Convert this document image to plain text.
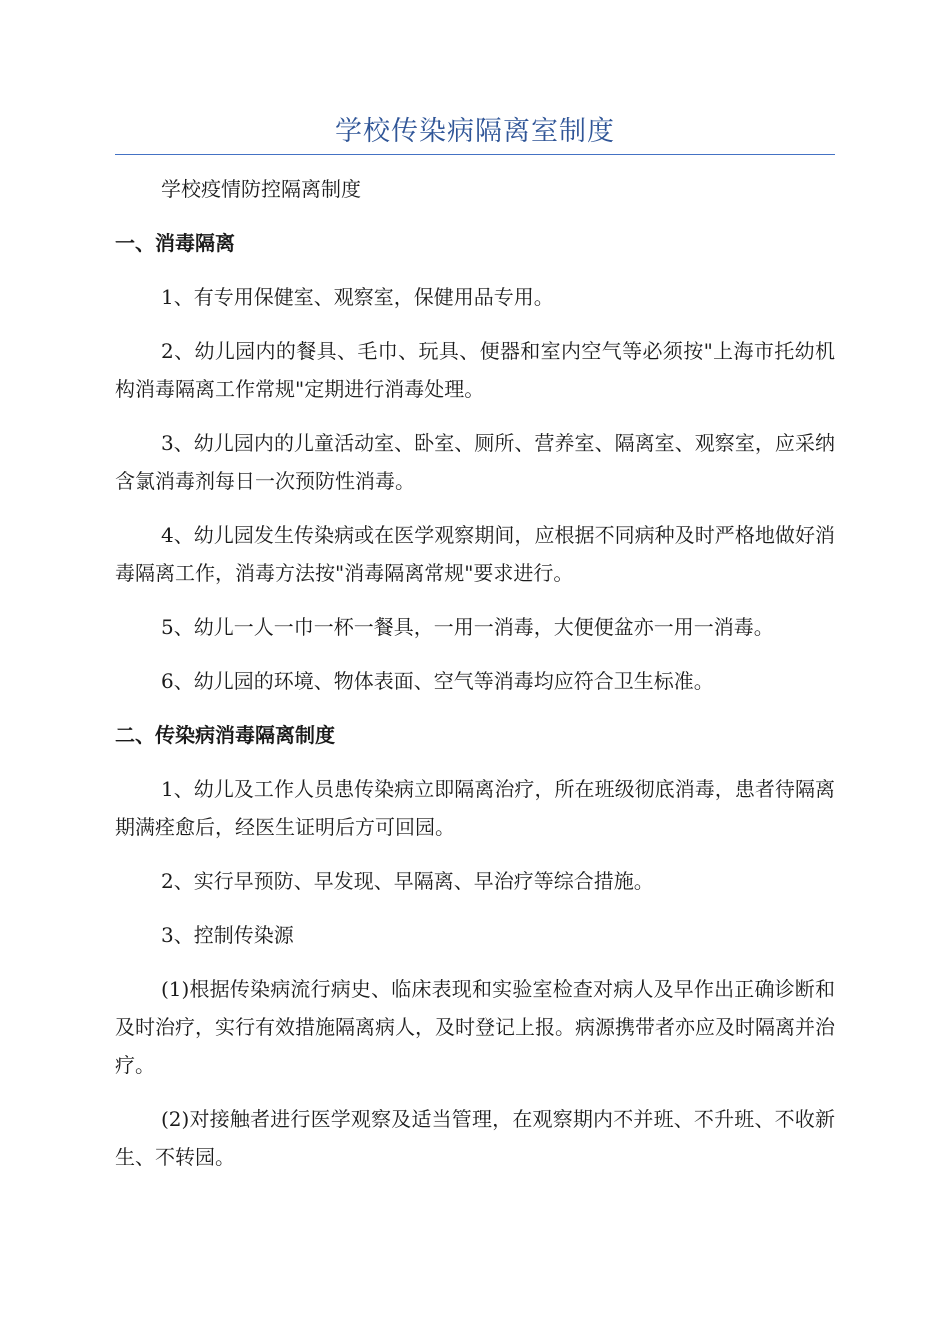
学校传染病隔离室制度

学校疫情防控隔离制度

一、消毒隔离

1、有专用保健室、观察室，保健用品专用。

2、幼儿园内的餐具、毛巾、玩具、便器和室内空气等必须按"上海市托幼机构消毒隔离工作常规"定期进行消毒处理。

3、幼儿园内的儿童活动室、卧室、厕所、营养室、隔离室、观察室，应采纳含氯消毒剂每日一次预防性消毒。

4、幼儿园发生传染病或在医学观察期间，应根据不同病种及时严格地做好消毒隔离工作，消毒方法按"消毒隔离常规"要求进行。

5、幼儿一人一巾一杯一餐具，一用一消毒，大便便盆亦一用一消毒。

6、幼儿园的环境、物体表面、空气等消毒均应符合卫生标准。

二、传染病消毒隔离制度

1、幼儿及工作人员患传染病立即隔离治疗，所在班级彻底消毒，患者待隔离期满痊愈后，经医生证明后方可回园。

2、实行早预防、早发现、早隔离、早治疗等综合措施。

3、控制传染源

(1)根据传染病流行病史、临床表现和实验室检查对病人及早作出正确诊断和及时治疗，实行有效措施隔离病人，及时登记上报。病源携带者亦应及时隔离并治疗。

(2)对接触者进行医学观察及适当管理，在观察期内不并班、不升班、不收新生、不转园。
